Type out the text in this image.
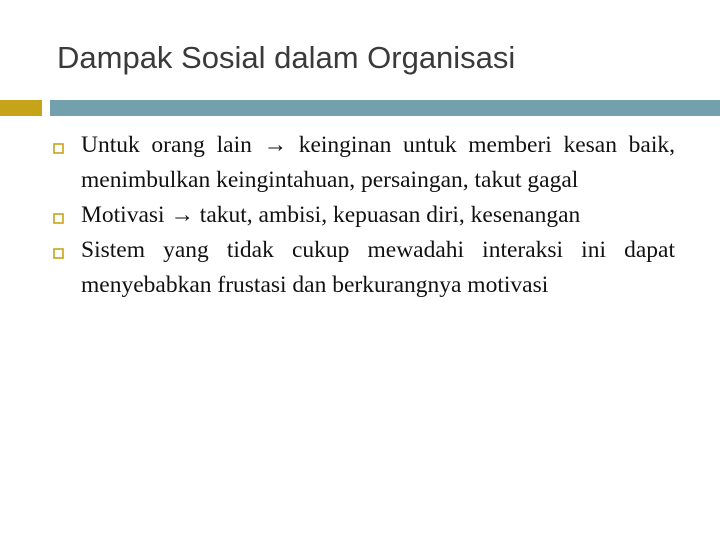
Dampak Sosial dalam Organisasi
Untuk orang lain → keinginan untuk memberi kesan baik, menimbulkan keingintahuan, persaingan, takut gagal
Motivasi → takut, ambisi, kepuasan diri, kesenangan
Sistem yang tidak cukup mewadahi interaksi ini dapat menyebabkan frustasi dan berkurangnya motivasi
